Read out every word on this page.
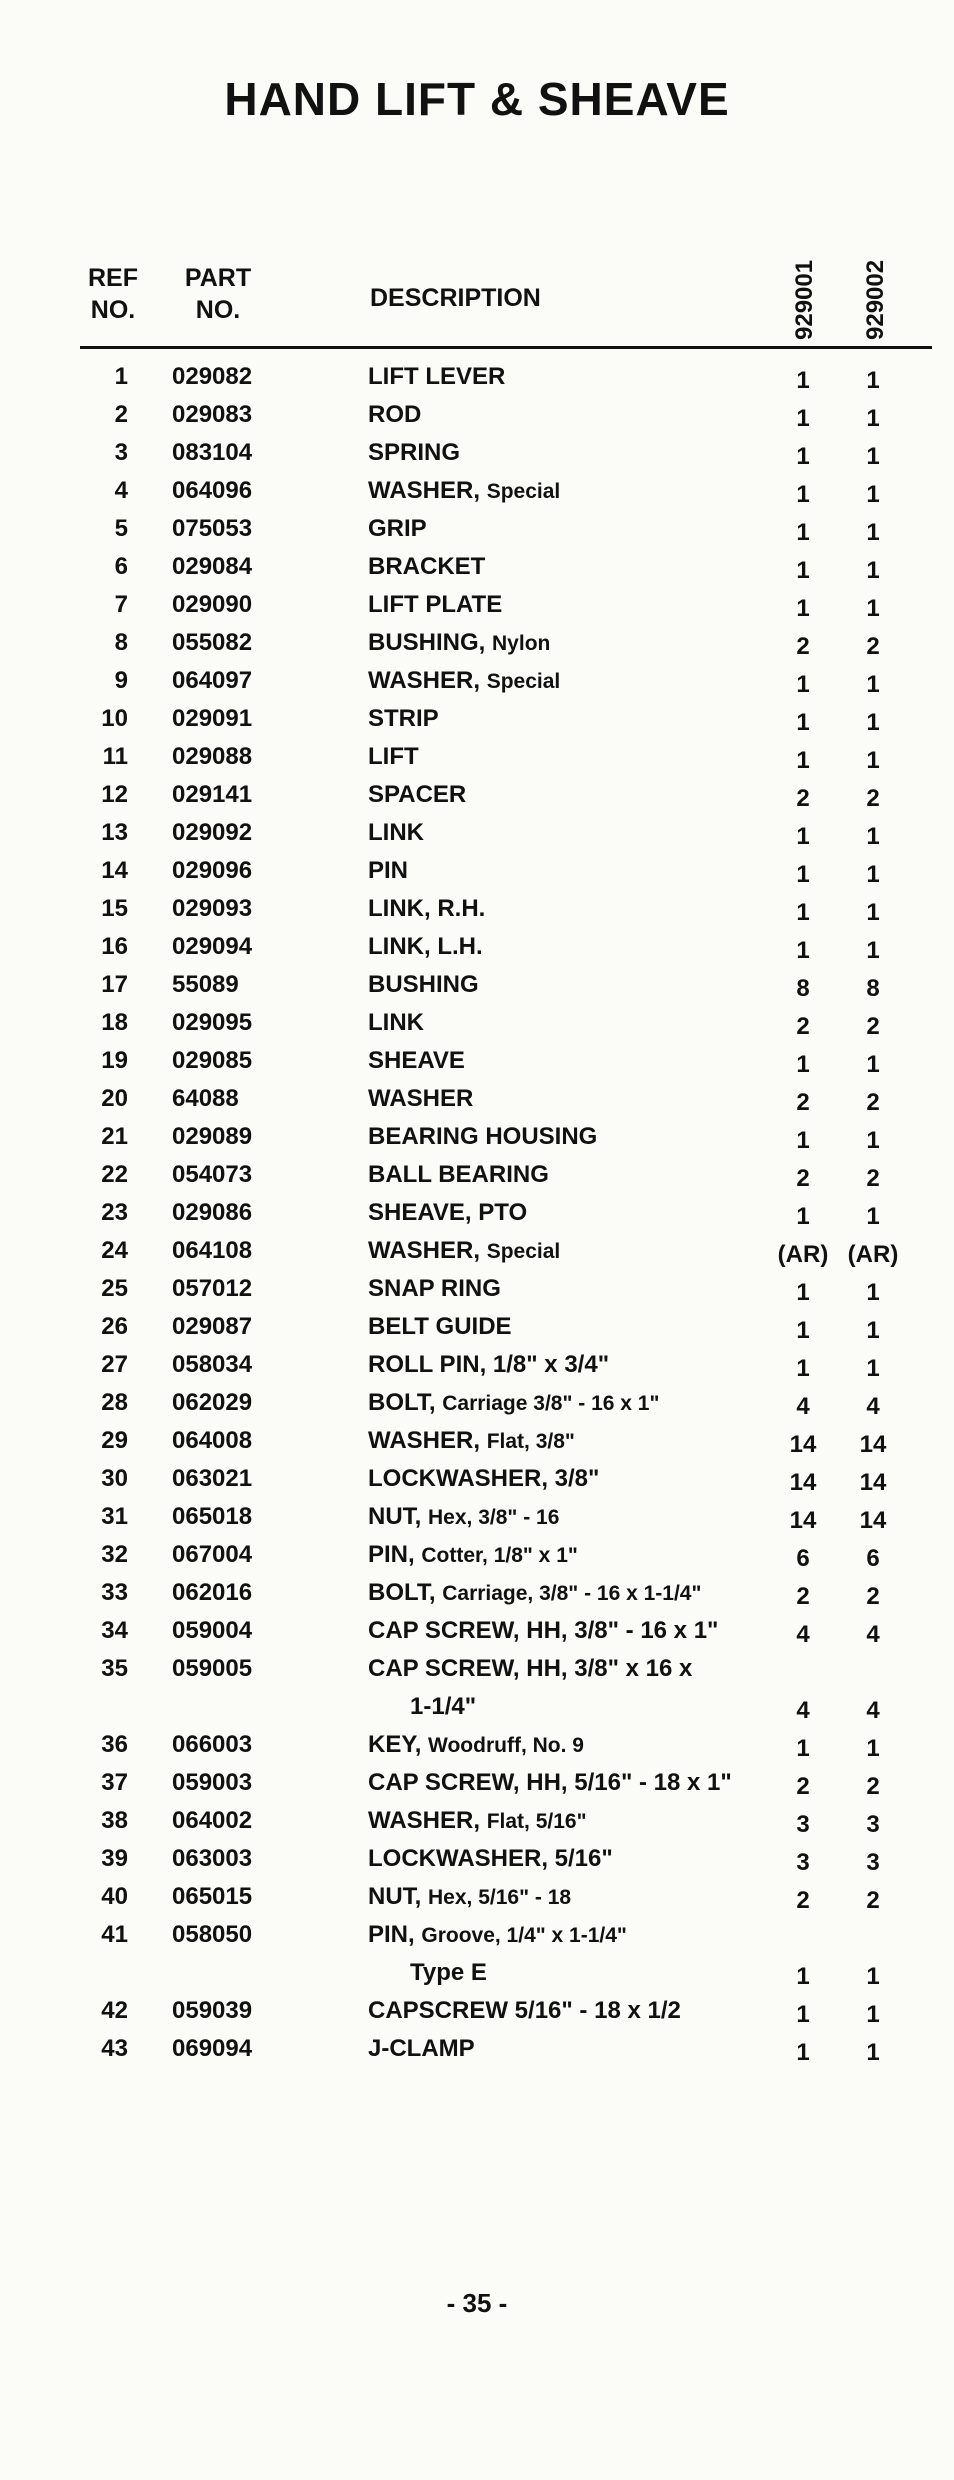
HAND LIFT & SHEAVE
REF
NO.
PART
NO.	DESCRIPTION	929001 929002
1 029082	LIFT LEVER	1	1
2 029083	ROD	1	1
3 083104	SPRING	1	1
4 064096	WASHER, Special	1	1
5 075053	GRIP	1	1
6 029084	BRACKET	1	1
7 029090	LIFT PLATE	1	1
8 055082	BUSHING, Nylon	2	2
9 064097	WASHER, Special	1	1
10 029091	STRIP	1	1
11 029088	LIFT	1	1
12 029141	SPACER	2	2
13 029092	LINK	1	1
14 029096	PIN	1	1
15 029093	LINK, R.H.	1	1
16 029094	LINK, L.H.	1	1
17 55089	BUSHING	8	8
18 029095	LINK	2	2
19 029085	SHEAVE	1	1
20 64088	WASHER	2	2
21 029089	BEARING HOUSING	1	1
22 054073	BALL BEARING	2	2
23 029086	SHEAVE, PTO	1	1
24 064108	WASHER, Special	(AR) (AR)
25 057012	SNAP RING	1	1
26 029087	BELT GUIDE	1	1
27 058034	ROLL PIN, 1/8" x 3/4"	1	1
28 062029	BOLT, Carriage 3/8" - 16 x 1"	4	4
29 064008	WASHER, Flat, 3/8"	14	14
30 063021	LOCKWASHER, 3/8"	14	14
31 065018	NUT, Hex, 3/8" - 16	14	14
32 067004	PIN, Cotter, 1/8" x 1"	6	6
33 062016	BOLT, Carriage, 3/8" - 16 x 1-1/4"	2	2
34 059004	CAP SCREW, HH, 3/8" - 16 x 1"	4	4
35 059005	CAP SCREW, HH, 3/8" x 16 x
1-1/4"	4	4
36 066003	KEY, Woodruff, No. 9	1	1
37 059003	CAP SCREW, HH, 5/16" - 18 x 1"	2	2
38 064002	WASHER, Flat, 5/16"	3	3
39 063003	LOCKWASHER, 5/16"	3	3
40 065015	NUT, Hex, 5/16" - 18	2	2
41 058050	PIN, Groove, 1/4" x 1-1/4"
Type E	1	1
42 059039	CAPSCREW 5/16" - 18 x 1/2	1	1
43 069094	J-CLAMP	1	1
- 35 -
